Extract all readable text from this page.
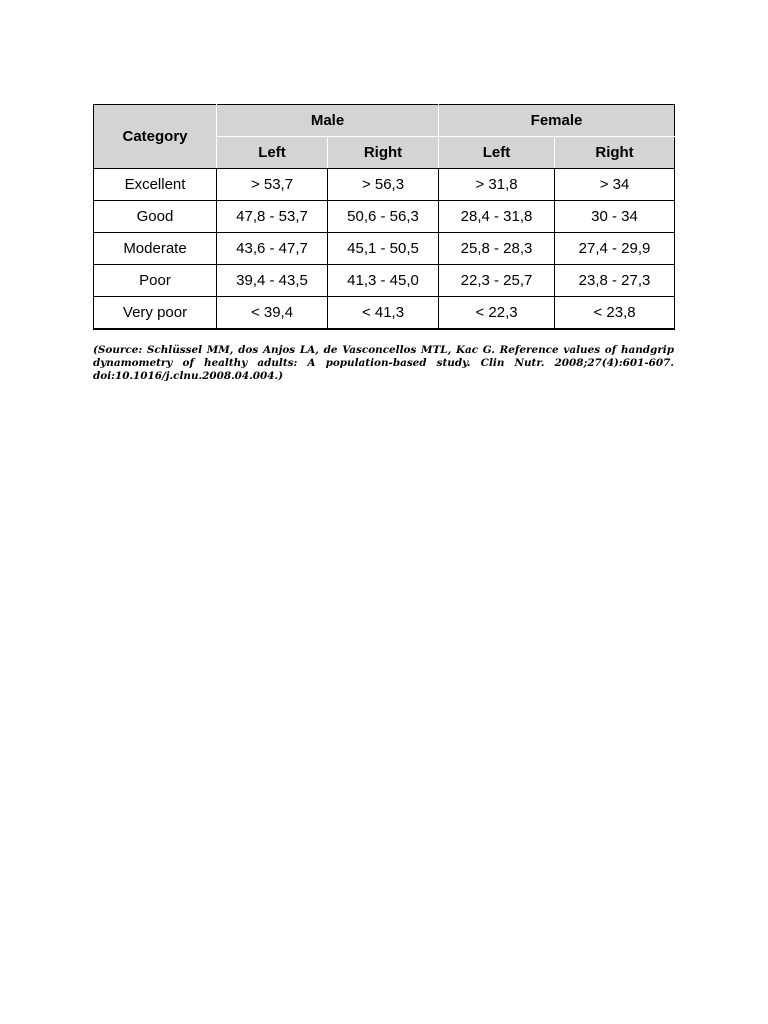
Category	Male		Female	
	Left	Right	Left	Right
Excellent	> 53,7	> 56,3	> 31,8	> 34
Good	47,8 - 53,7	50,6 - 56,3	28,4 - 31,8	30 - 34
Moderate	43,6 - 47,7	45,1 - 50,5	25,8 - 28,3	27,4 - 29,9
Poor	39,4 - 43,5	41,3 - 45,0	22,3 - 25,7	23,8 - 27,3
Very poor	< 39,4	< 41,3	< 22,3	< 23,8

(Source: Schlüssel MM, dos Anjos LA, de Vasconcellos MTL, Kac G. Reference values of handgrip dynamometry of healthy adults: A population-based study. Clin Nutr. 2008;27(4):601-607. doi:10.1016/j.clnu.2008.04.004.)
